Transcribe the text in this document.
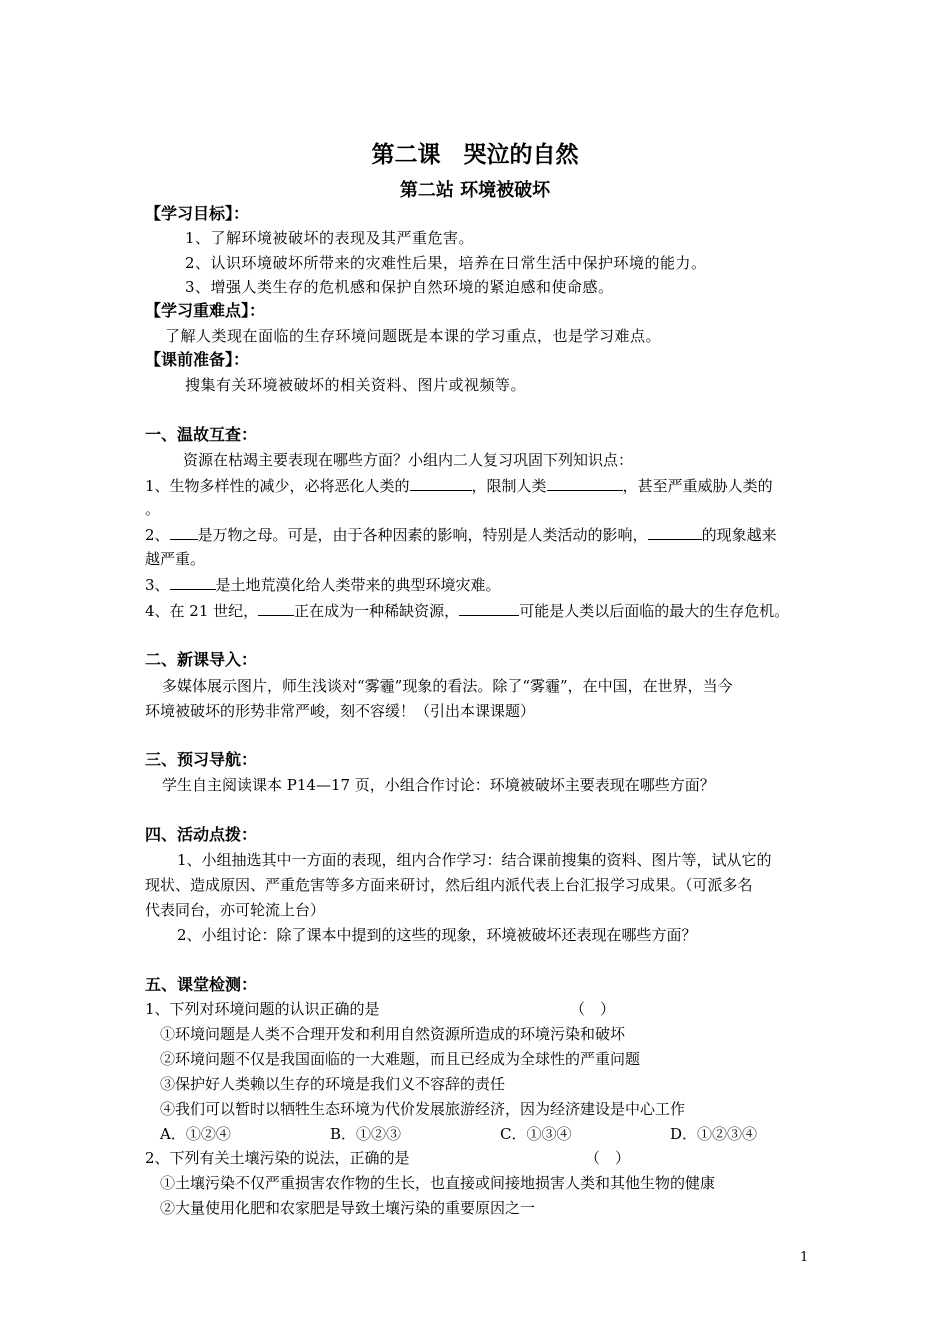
第二课　哭泣的自然
第二站 环境被破坏
【学习目标】：
1、了解环境被破坏的表现及其严重危害。
2、认识环境破坏所带来的灾难性后果，培养在日常生活中保护环境的能力。
3、增强人类生存的危机感和保护自然环境的紧迫感和使命感。
【学习重难点】：
了解人类现在面临的生存环境问题既是本课的学习重点，也是学习难点。
【课前准备】：
搜集有关环境被破坏的相关资料、图片或视频等。
一、温故互查：
资源在枯竭主要表现在哪些方面？小组内二人复习巩固下列知识点：
1、生物多样性的减少，必将恶化人类的	，限制人类	，甚至严重威胁人类的
。
2、 是万物之母。可是，由于各种因素的影响，特别是人类活动的影响，	的现象越来
越严重。
3、	是土地荒漠化给人类带来的典型环境灾难。
4、在 21 世纪， 正在成为一种稀缺资源，	可能是人类以后面临的最大的生存危机。
二、新课导入：
多媒体展示图片，师生浅谈对“雾霾”现象的看法。除了“雾霾”，在中国，在世界，当今
环境被破坏的形势非常严峻，刻不容缓！（引出本课课题）
三、预习导航：
学生自主阅读课本 P14—17 页，小组合作讨论：环境被破坏主要表现在哪些方面？
四、活动点拨：
1、小组抽选其中一方面的表现，组内合作学习：结合课前搜集的资料、图片等，试从它的
现状、造成原因、严重危害等多方面来研讨，然后组内派代表上台汇报学习成果。（可派多名
代表同台，亦可轮流上台）
2、小组讨论：除了课本中提到的这些的现象，环境被破坏还表现在哪些方面？
五、课堂检测：
1、下列对环境问题的认识正确的是	（　）
①环境问题是人类不合理开发和利用自然资源所造成的环境污染和破坏
②环境问题不仅是我国面临的一大难题，而且已经成为全球性的严重问题
③保护好人类赖以生存的环境是我们义不容辞的责任
④我们可以暂时以牺牲生态环境为代价发展旅游经济，因为经济建设是中心工作
A．①②④	B．①②③	C．①③④	D．①②③④
2、下列有关土壤污染的说法，正确的是	（　）
①土壤污染不仅严重损害农作物的生长，也直接或间接地损害人类和其他生物的健康
②大量使用化肥和农家肥是导致土壤污染的重要原因之一
1
